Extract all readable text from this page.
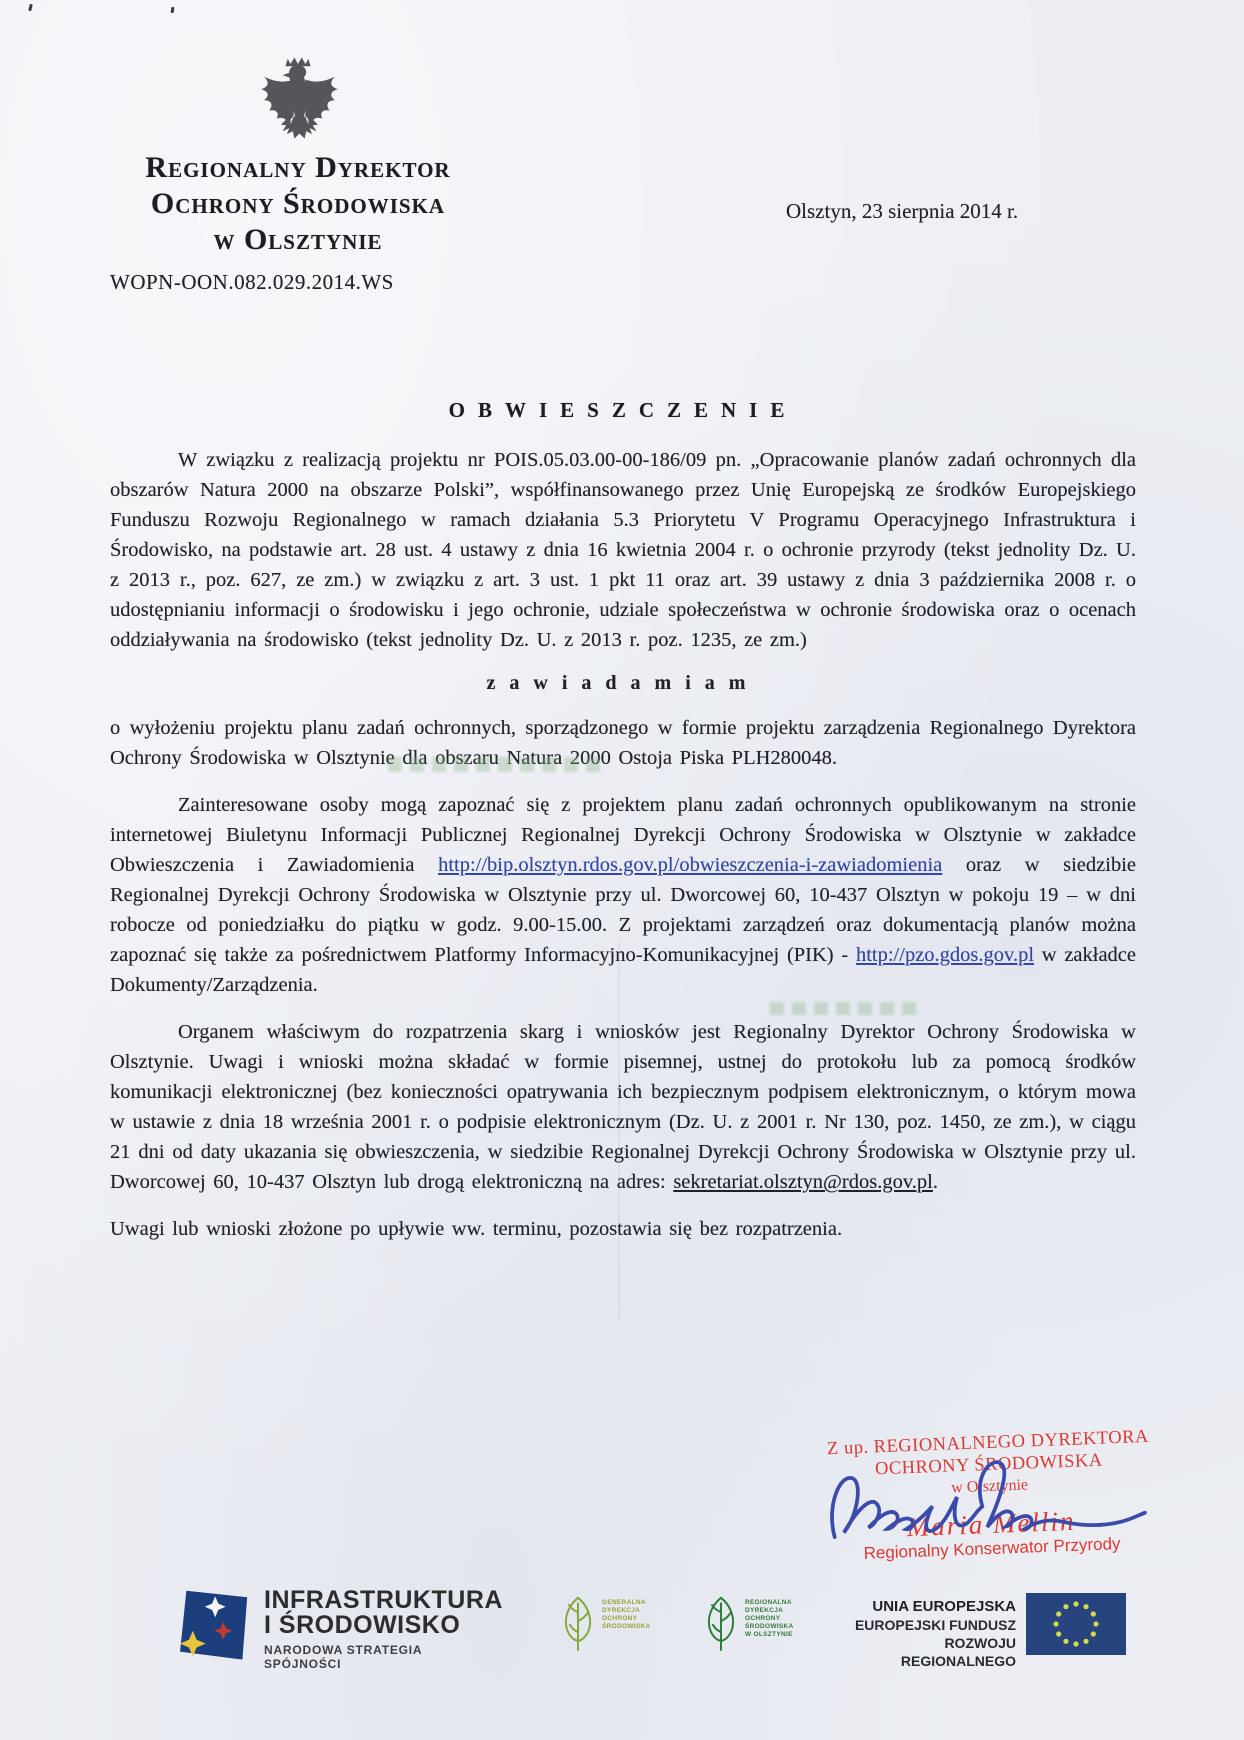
Regionalny Dyrektor
Ochrony Środowiska
w Olsztynie
Olsztyn, 23 sierpnia 2014 r.
WOPN-OON.082.029.2014.WS
OBWIESZCZENIE

W związku z realizacją projektu nr POIS.05.03.00-00-186/09 pn. „Opracowanie planów zadań ochronnych dla obszarów Natura 2000 na obszarze Polski”, współfinansowanego przez Unię Europejską ze środków Europejskiego Funduszu Rozwoju Regionalnego w ramach działania 5.3 Priorytetu V Programu Operacyjnego Infrastruktura i Środowisko, na podstawie art. 28 ust. 4 ustawy z dnia 16 kwietnia 2004 r. o ochronie przyrody (tekst jednolity Dz. U. z 2013 r., poz. 627, ze zm.) w związku z art. 3 ust. 1 pkt 11 oraz art. 39 ustawy z dnia 3 października 2008 r. o udostępnianiu informacji o środowisku i jego ochronie, udziale społeczeństwa w ochronie środowiska oraz o ocenach oddziaływania na środowisko (tekst jednolity Dz. U. z 2013 r. poz. 1235, ze zm.)

zawiadamiam

o wyłożeniu projektu planu zadań ochronnych, sporządzonego w formie projektu zarządzenia Regionalnego Dyrektora Ochrony Środowiska w Olsztynie dla obszaru Natura 2000 Ostoja Piska PLH280048.

Zainteresowane osoby mogą zapoznać się z projektem planu zadań ochronnych opublikowanym na stronie internetowej Biuletynu Informacji Publicznej Regionalnej Dyrekcji Ochrony Środowiska w Olsztynie w zakładce Obwieszczenia i Zawiadomienia http://bip.olsztyn.rdos.gov.pl/obwieszczenia-i-zawiadomienia oraz w siedzibie Regionalnej Dyrekcji Ochrony Środowiska w Olsztynie przy ul. Dworcowej 60, 10-437 Olsztyn w pokoju 19 – w dni robocze od poniedziałku do piątku w godz. 9.00-15.00. Z projektami zarządzeń oraz dokumentacją planów można zapoznać się także za pośrednictwem Platformy Informacyjno-Komunikacyjnej (PIK) - http://pzo.gdos.gov.pl w zakładce Dokumenty/Zarządzenia.

Organem właściwym do rozpatrzenia skarg i wniosków jest Regionalny Dyrektor Ochrony Środowiska w Olsztynie. Uwagi i wnioski można składać w formie pisemnej, ustnej do protokołu lub za pomocą środków komunikacji elektronicznej (bez konieczności opatrywania ich bezpiecznym podpisem elektronicznym, o którym mowa w ustawie z dnia 18 września 2001 r. o podpisie elektronicznym (Dz. U. z 2001 r. Nr 130, poz. 1450, ze zm.), w ciągu 21 dni od daty ukazania się obwieszczenia, w siedzibie Regionalnej Dyrekcji Ochrony Środowiska w Olsztynie przy ul. Dworcowej 60, 10-437 Olsztyn lub drogą elektroniczną na adres: sekretariat.olsztyn@rdos.gov.pl.

Uwagi lub wnioski złożone po upływie ww. terminu, pozostawia się bez rozpatrzenia.

Z up. REGIONALNEGO DYREKTORA
OCHRONY ŚRODOWISKA
w Olsztynie
Maria Mellin
Regionalny Konserwator Przyrody
INFRASTRUKTURA
I ŚRODOWISKO
NARODOWA STRATEGIA SPÓJNOŚCI
GENERALNA
DYREKCJA
OCHRONY
ŚRODOWISKA
REGIONALNA
DYREKCJA
OCHRONY
ŚRODOWISKA
W OLSZTYNIE
UNIA EUROPEJSKA
EUROPEJSKI FUNDUSZ
ROZWOJU REGIONALNEGO
